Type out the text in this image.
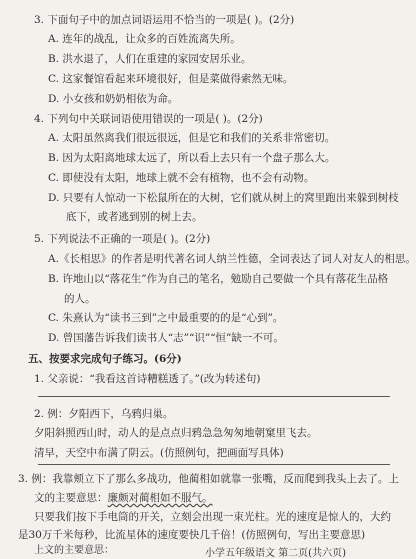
3. 下面句子中的加点词语运用不恰当的一项是( )。(2分)
A. 连年的战乱，让众多的百姓流离失所。
B. 洪水退了，人们在重建的家园安居乐业。
C. 这家餐馆看起来环境很好，但是菜做得索然无味。
D. 小女孩和奶奶相依为命。
4. 下列句中关联词语使用错误的一项是( )。(2分)
A. 太阳虽然离我们很远很远，但是它和我们的关系非常密切。
B. 因为太阳离地球太远了，所以看上去只有一个盘子那么大。
C. 即使没有太阳，地球上就不会有植物，也不会有动物。
D. 只要有人惊动一下松鼠所在的大树，它们就从树上的窝里跑出来躲到树枝
底下，或者逃到别的树上去。
5. 下列说法不正确的一项是( )。(2分)
A.《长相思》的作者是明代著名词人纳兰性德，全词表达了词人对友人的相思。
B. 许地山以“落花生”作为自己的笔名，勉励自己要做一个具有落花生品格
的人。
C. 朱熹认为“读书三到”之中最重要的的是“心到”。
D. 曾国藩告诉我们读书人“志”“识”“恒”缺一不可。
五、按要求完成句子练习。(6分)
1. 父亲说：“我看这首诗糟糕透了。”(改为转述句)
2. 例：夕阳西下，乌鸦归巢。
夕阳斜照西山时，动人的是点点归鸦急急匆匆地朝窠里飞去。
清早，天空中布满了阴云。(仿照例句，把画面写具体)
3. 例：我靠颊立下了那么多战功，他蔺相如就靠一张嘴，反而爬到我头上去了。上
文的主要意思：廉颇对蔺相如不服气。
只要我们按下手电筒的开关，立刻会出现一束光柱。光的速度是惊人的，大约
是30万千米每秒，比流星体的速度要快几千倍！(仿照例句，写出主要意思)
上文的主要意思：	小学五年级语文 第二页(共六页)
